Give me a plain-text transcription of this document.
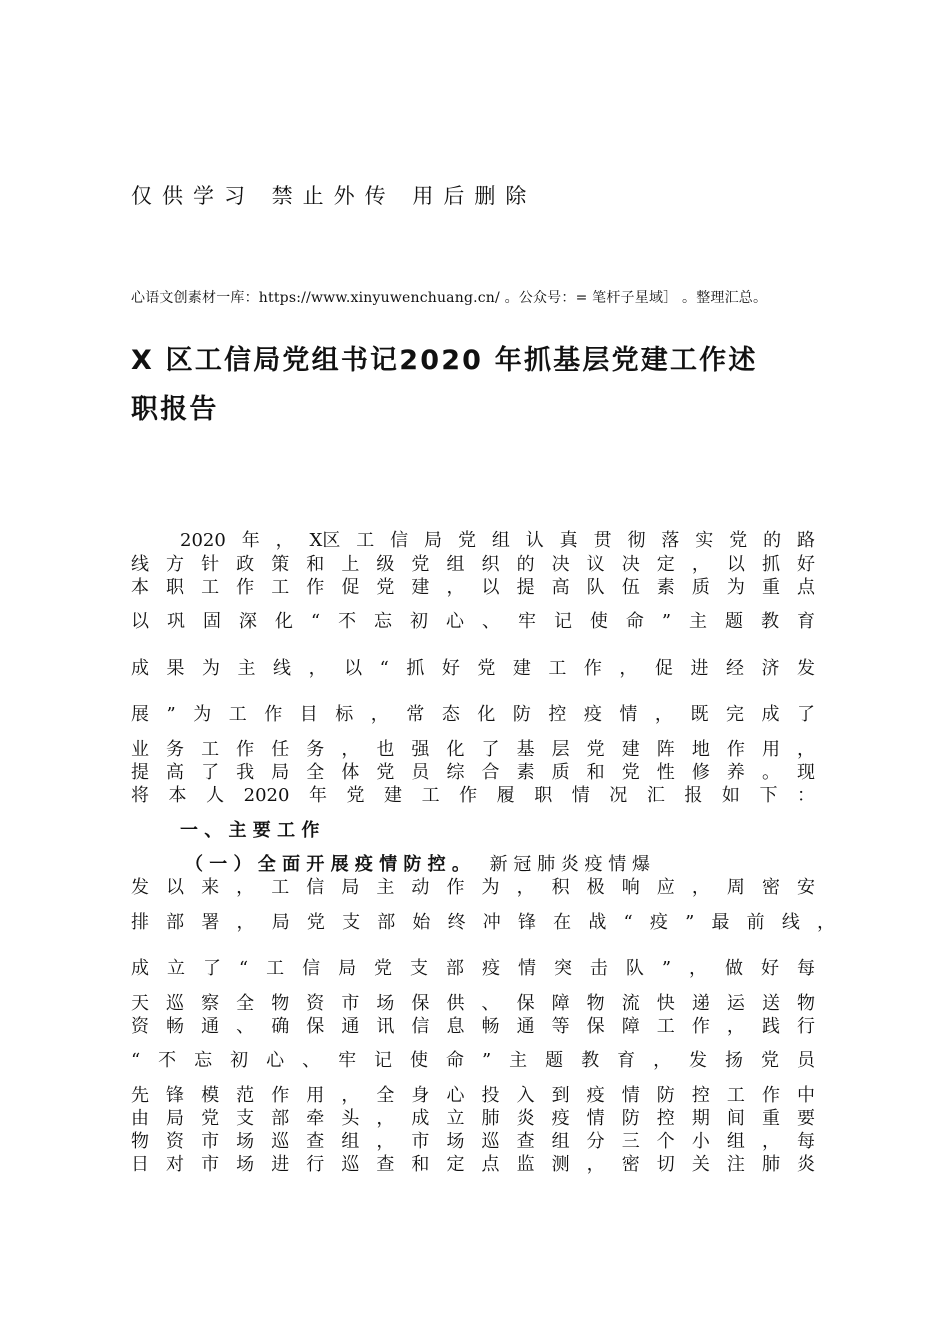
仅供学习 禁止外传 用后删除
心语文创素材一库：https://www.xinyuwenchuang.cn/ 。公众号：= 笔杆子星域］ 。整理汇总。
X 区工信局党组书记2020 年抓基层党建工作述
职报告
2020 年 ， X区 工 信 局 党 组 认 真 贯 彻 落 实 党 的 路
线 方 针 政 策 和 上 级 党 组 织 的 决 议 决 定 ， 以 抓 好
本 职 工 作 工 作 促 党 建 ， 以 提 高 队 伍 素 质 为 重 点
以 巩 固 深 化 “ 不 忘 初 心 、 牢 记 使 命 ” 主 题 教 育
成 果 为 主 线 ， 以 “ 抓 好 党 建 工 作 ， 促 进 经 济 发
展 ” 为 工 作 目 标 ， 常 态 化 防 控 疫 情 ， 既 完 成 了
业 务 工 作 任 务 ， 也 强 化 了 基 层 党 建 阵 地 作 用 ，
提 高 了 我 局 全 体 党 员 综 合 素 质 和 党 性 修 养 。 现
将 本 人 2020 年 党 建 工 作 履 职 情 况 汇 报 如 下 ：
一 、 主 要 工 作
（ 一 ） 全 面 开 展 疫 情 防 控 。 新 冠 肺 炎 疫 情 爆
发 以 来 ， 工 信 局 主 动 作 为 ， 积 极 响 应 ， 周 密 安
排 部 署 ， 局 党 支 部 始 终 冲 锋 在 战 “ 疫 ” 最 前 线 ，
成 立 了 “ 工 信 局 党 支 部 疫 情 突 击 队 ” ， 做 好 每
天 巡 察 全 物 资 市 场 保 供 、 保 障 物 流 快 递 运 送 物
资 畅 通 、 确 保 通 讯 信 息 畅 通 等 保 障 工 作 ， 践 行
“ 不 忘 初 心 、 牢 记 使 命 ” 主 题 教 育 ， 发 扬 党 员
先 锋 模 范 作 用 ， 全 身 心 投 入 到 疫 情 防 控 工 作 中
由 局 党 支 部 牵 头 ， 成 立 肺 炎 疫 情 防 控 期 间 重 要
物 资 市 场 巡 查 组 ， 市 场 巡 查 组 分 三 个 小 组 ， 每
日 对 市 场 进 行 巡 查 和 定 点 监 测 ， 密 切 关 注 肺 炎
